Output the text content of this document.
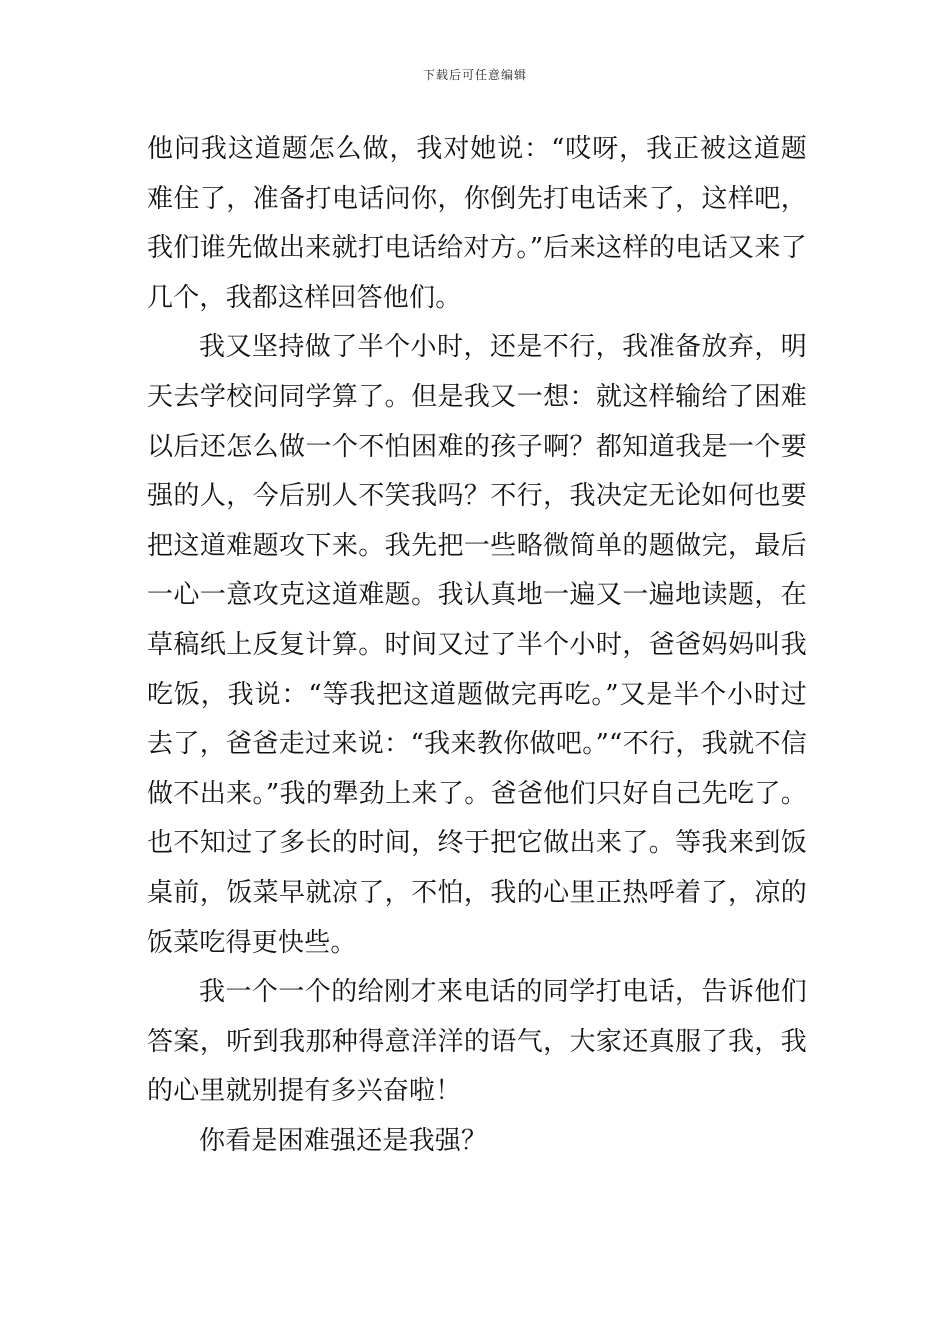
下载后可任意编辑

他问我这道题怎么做，我对她说：“哎呀，我正被这道题难住了，准备打电话问你，你倒先打电话来了，这样吧，我们谁先做出来就打电话给对方。”后来这样的电话又来了几个，我都这样回答他们。

我又坚持做了半个小时，还是不行，我准备放弃，明天去学校问同学算了。但是我又一想：就这样输给了困难以后还怎么做一个不怕困难的孩子啊？都知道我是一个要强的人，今后别人不笑我吗？不行，我决定无论如何也要把这道难题攻下来。我先把一些略微简单的题做完，最后一心一意攻克这道难题。我认真地一遍又一遍地读题，在草稿纸上反复计算。时间又过了半个小时，爸爸妈妈叫我吃饭，我说：“等我把这道题做完再吃。”又是半个小时过去了，爸爸走过来说：“我来教你做吧。”“不行，我就不信做不出来。”我的犟劲上来了。爸爸他们只好自己先吃了。也不知过了多长的时间，终于把它做出来了。等我来到饭桌前，饭菜早就凉了，不怕，我的心里正热呼着了，凉的饭菜吃得更快些。

我一个一个的给刚才来电话的同学打电话，告诉他们答案，听到我那种得意洋洋的语气，大家还真服了我，我的心里就别提有多兴奋啦！

你看是困难强还是我强？
